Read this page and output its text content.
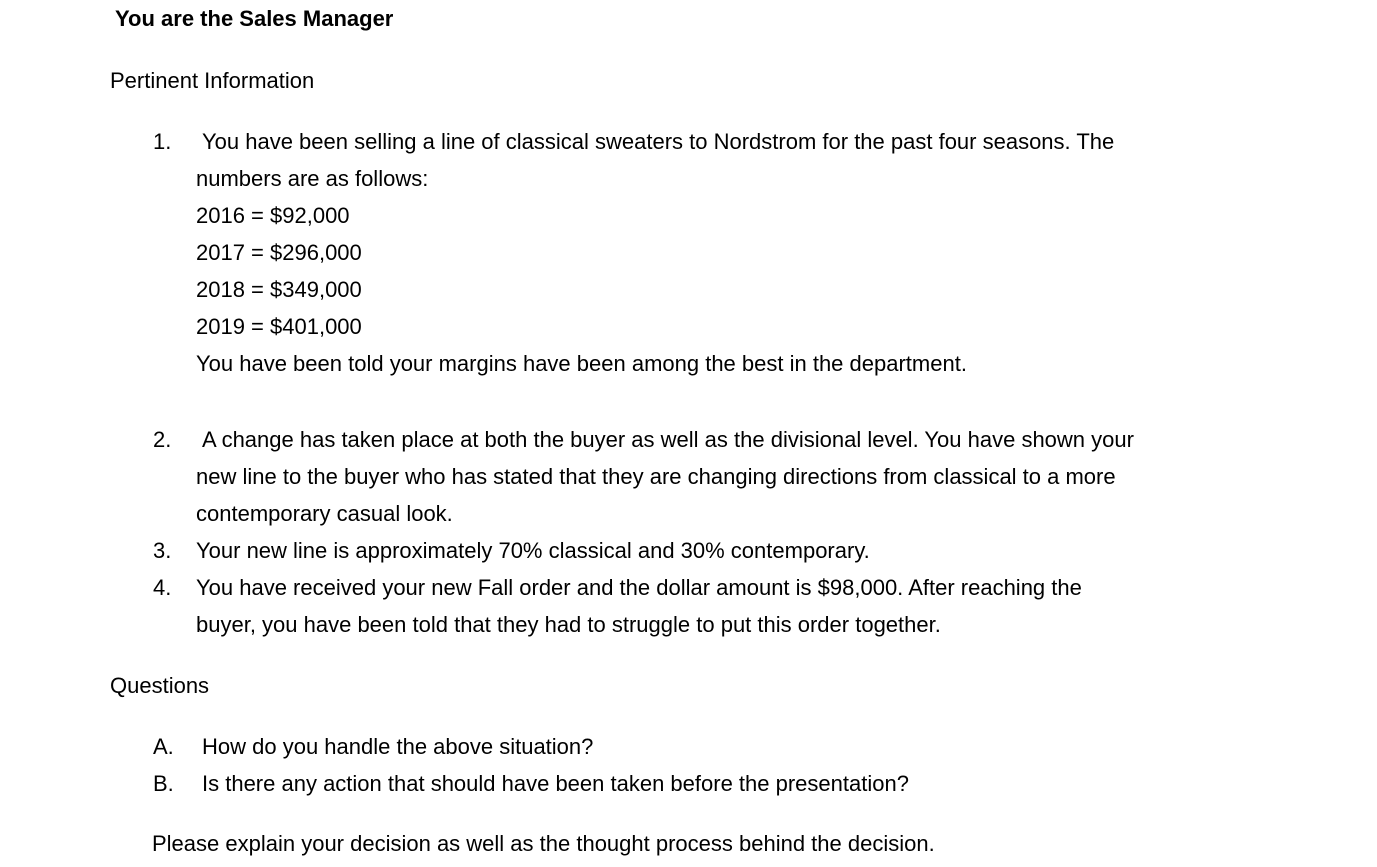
You are the Sales Manager
Pertinent Information
1. You have been selling a line of classical sweaters to Nordstrom for the past four seasons. The
numbers are as follows:
2016 = $92,000
2017 = $296,000
2018 = $349,000
2019 = $401,000
You have been told your margins have been among the best in the department.
2. A change has taken place at both the buyer as well as the divisional level. You have shown your
new line to the buyer who has stated that they are changing directions from classical to a more
contemporary casual look.
3. Your new line is approximately 70% classical and 30% contemporary.
4. You have received your new Fall order and the dollar amount is $98,000. After reaching the
buyer, you have been told that they had to struggle to put this order together.
Questions
A. How do you handle the above situation?
B. Is there any action that should have been taken before the presentation?
Please explain your decision as well as the thought process behind the decision.
